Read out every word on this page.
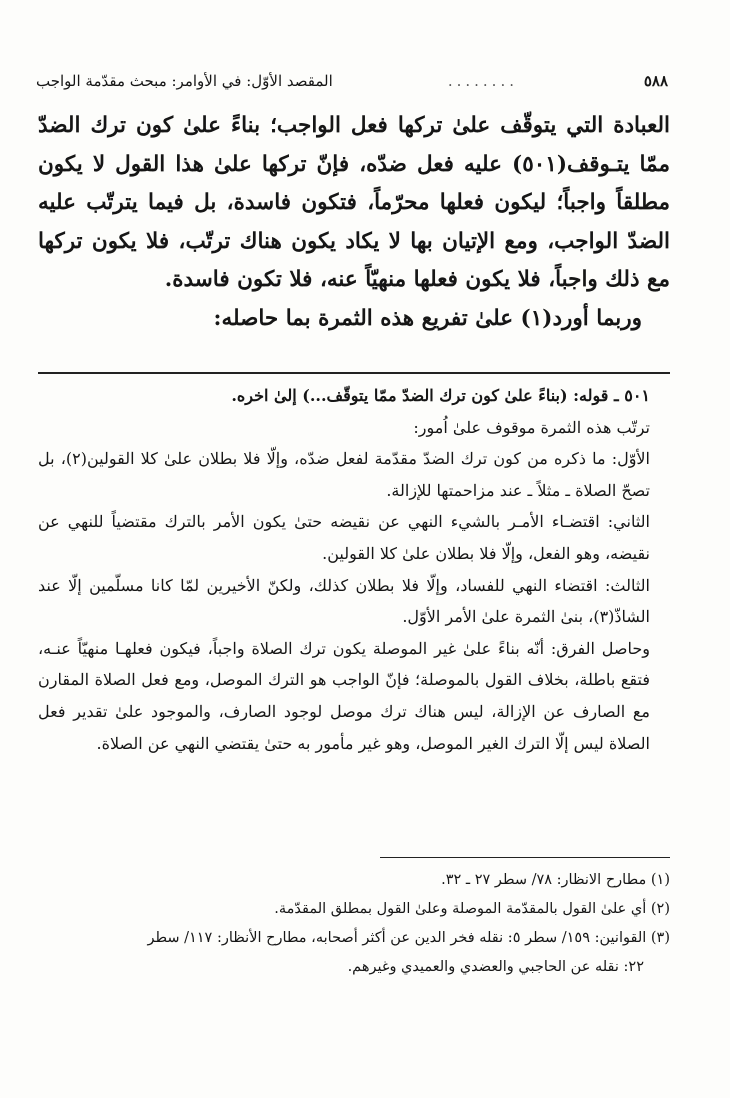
٥٨٨
........
المقصد الأوّل: في الأوامر: مبحث مقدّمة الواجب

العبادة التي يتوقّف علىٰ تركها فعل الواجب؛ بناءً علىٰ كون ترك الضدّ ممّا يتـوقف(٥٠١) عليه فعل ضدّه، فإنّ تركها علىٰ هذا القول لا يكون مطلقاً واجباً؛ ليكون فعلها محرّماً، فتكون فاسدة، بل فيما يترتّب عليه الضدّ الواجب، ومع الإتيان بها لا يكاد يكون هناك ترتّب، فلا يكون تركها مع ذلك واجباً، فلا يكون فعلها منهيّاً عنه، فلا تكون فاسدة.

وربما أورد(١) علىٰ تفريع هذه الثمرة بما حاصله:

٥٠١ ـ قوله: (بناءً علىٰ كون ترك الضدّ ممّا يتوقّف...) إلىٰ اخره.

ترتّب هذه الثمرة موقوف علىٰ اُمور:

الأوّل: ما ذكره من كون ترك الضدّ مقدّمة لفعل ضدّه، وإلّا فلا بطلان علىٰ كلا القولين(٢)، بل تصحّ الصلاة ـ مثلاً ـ عند مزاحمتها للإزالة.

الثاني: اقتضـاء الأمـر بالشيء النهي عن نقيضه حتىٰ يكون الأمر بالترك مقتضياً للنهي عن نقيضه، وهو الفعل، وإلّا فلا بطلان علىٰ كلا القولين.

الثالث: اقتضاء النهي للفساد، وإلّا فلا بطلان كذلك، ولكنّ الأخيرين لمّا كانا مسلّمين إلّا عند الشاذّ(٣)، بنىٰ الثمرة علىٰ الأمر الأوّل.

وحاصل الفرق: أنّه بناءً علىٰ غير الموصلة يكون ترك الصلاة واجباً، فيكون فعلهـا منهيّاً عنـه، فتقع باطلة، بخلاف القول بالموصلة؛ فإنّ الواجب هو الترك الموصل، ومع فعل الصلاة المقارن مع الصارف عن الإزالة، ليس هناك ترك موصل لوجود الصارف، والموجود علىٰ تقدير فعل الصلاة ليس إلّا الترك الغير الموصل، وهو غير مأمور به حتىٰ يقتضي النهي عن الصلاة.

(١) مطارح الانظار: ٧٨/ سطر ٢٧ ـ ٣٢.

(٢) أي علىٰ القول بالمقدّمة الموصلة وعلىٰ القول بمطلق المقدّمة.

(٣) القوانين: ١٥٩/ سطر ٥: نقله فخر الدين عن أكثر أصحابه، مطارح الأنظار: ١١٧/ سطر

٢٢: نقله عن الحاجبي والعضدي والعميدي وغيرهم.
